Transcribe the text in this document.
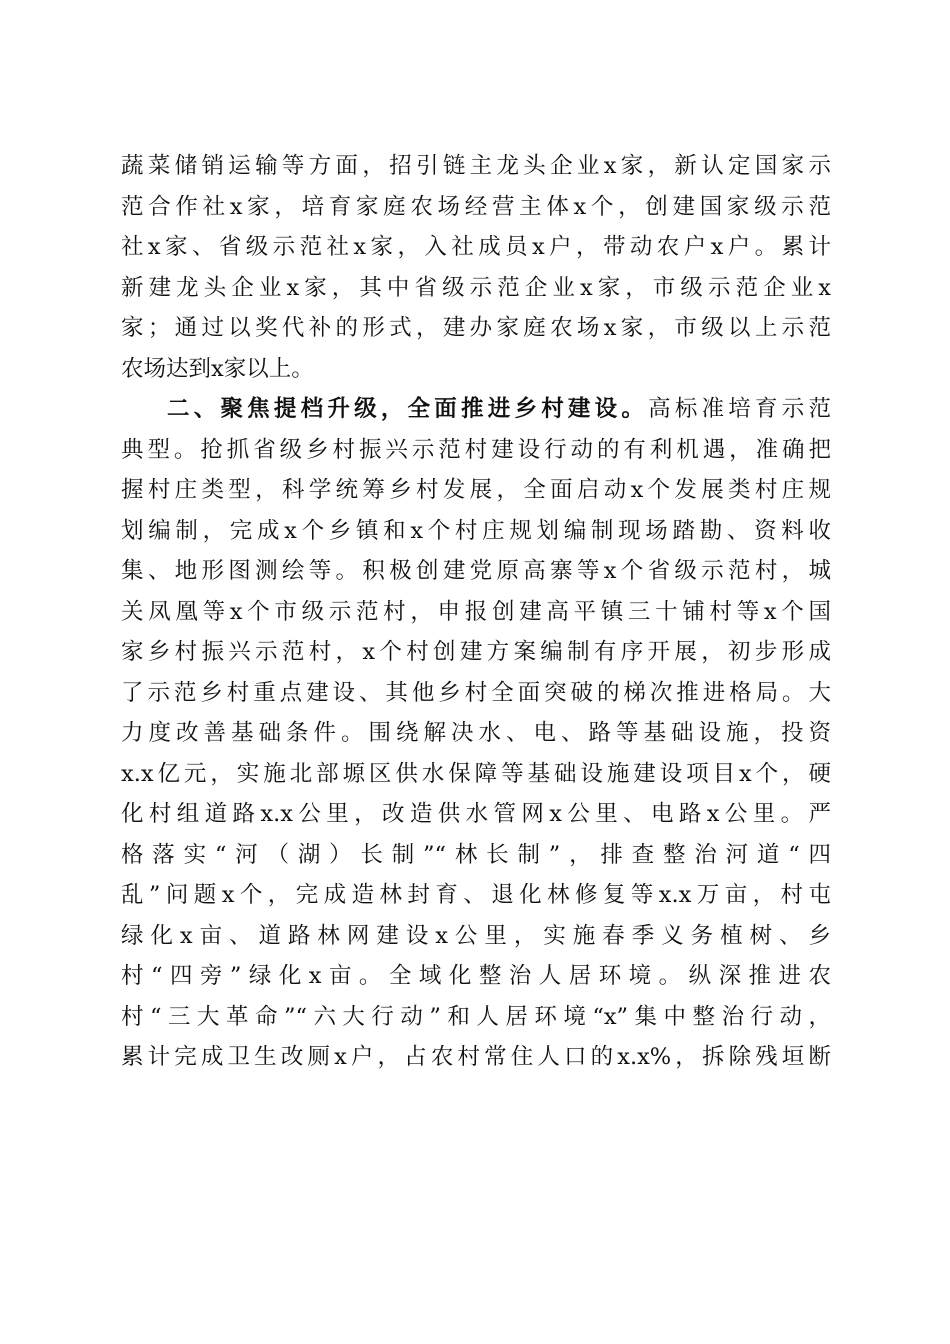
蔬菜储销运输等方面，招引链主龙头企业x家，新认定国家示
范合作社x家，培育家庭农场经营主体x个，创建国家级示范
社x家、省级示范社x家，入社成员x户，带动农户x户。累计
新建龙头企业x家，其中省级示范企业x家，市级示范企业x
家；通过以奖代补的形式，建办家庭农场x家，市级以上示范
农场达到x家以上。
二、聚焦提档升级，全面推进乡村建设。高标准培育示范
典型。抢抓省级乡村振兴示范村建设行动的有利机遇，准确把
握村庄类型，科学统筹乡村发展，全面启动x个发展类村庄规
划编制，完成x个乡镇和x个村庄规划编制现场踏勘、资料收
集、地形图测绘等。积极创建党原高寨等x个省级示范村，城
关凤凰等x个市级示范村，申报创建高平镇三十铺村等x个国
家乡村振兴示范村，x个村创建方案编制有序开展，初步形成
了示范乡村重点建设、其他乡村全面突破的梯次推进格局。大
力度改善基础条件。围绕解决水、电、路等基础设施，投资
x.x亿元，实施北部塬区供水保障等基础设施建设项目x个，硬
化村组道路x.x公里，改造供水管网x公里、电路x公里。严
格落实“河（湖）长制”“林长制”，排查整治河道“四
乱”问题x个，完成造林封育、退化林修复等x.x万亩，村屯
绿化x亩、道路林网建设x公里，实施春季义务植树、乡
村“四旁”绿化x亩。全域化整治人居环境。纵深推进农
村“三大革命”“六大行动”和人居环境“x”集中整治行动，
累计完成卫生改厕x户，占农村常住人口的x.x%，拆除残垣断
